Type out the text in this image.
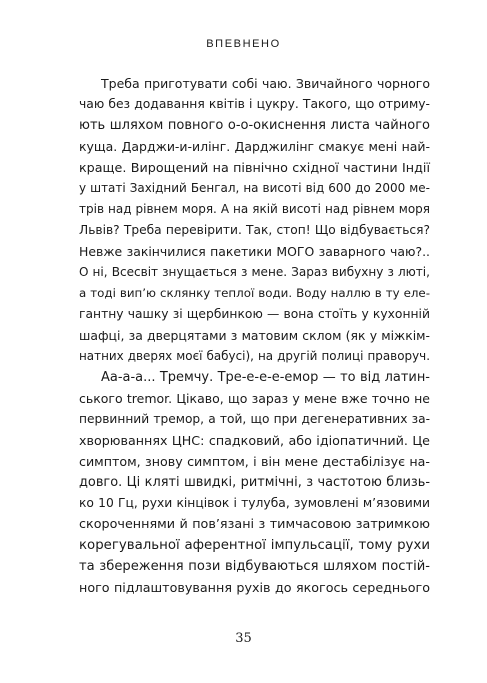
ВПЕВНЕНО
Треба приготувати собі чаю. Звичайного чорного
чаю без додавання квітів і цукру. Такого, що отриму-
ють шляхом повного о-о-окиснення листа чайного
куща. Дарджи-и-илінг. Дарджилінг смакує мені най-
краще. Вирощений на північно східної частини Індії
у штаті Західний Бенгал, на висоті від 600 до 2000 ме-
трів над рівнем моря. А на якій висоті над рівнем моря
Львів? Треба перевірити. Так, стоп! Що відбувається?
Невже закінчилися пакетики МОГО заварного чаю?..
О ні, Всесвіт знущається з мене. Зараз вибухну з люті,
а тоді вип’ю склянку теплої води. Воду наллю в ту еле-
гантну чашку зі щербинкою — вона стоїть у кухонній
шафці, за дверцятами з матовим склом (як у міжкім-
натних дверях моєї бабусі), на другій полиці праворуч.
Аа-а-а... Тремчу. Тре-е-е-е-емор — то від латин-
ського tremor. Цікаво, що зараз у мене вже точно не
первинний тремор, а той, що при дегенеративних за-
хворюваннях ЦНС: спадковий, або ідіопатичний. Це
симптом, знову симптом, і він мене дестабілізує на-
довго. Ці кляті швидкі, ритмічні, з частотою близь-
ко 10 Гц, рухи кінцівок і тулуба, зумовлені м’язовими
скороченнями й пов’язані з тимчасовою затримкою
корегувальної аферентної імпульсації, тому рухи
та збереження пози відбуваються шляхом постій-
ного підлаштовування рухів до якогось середнього
35
